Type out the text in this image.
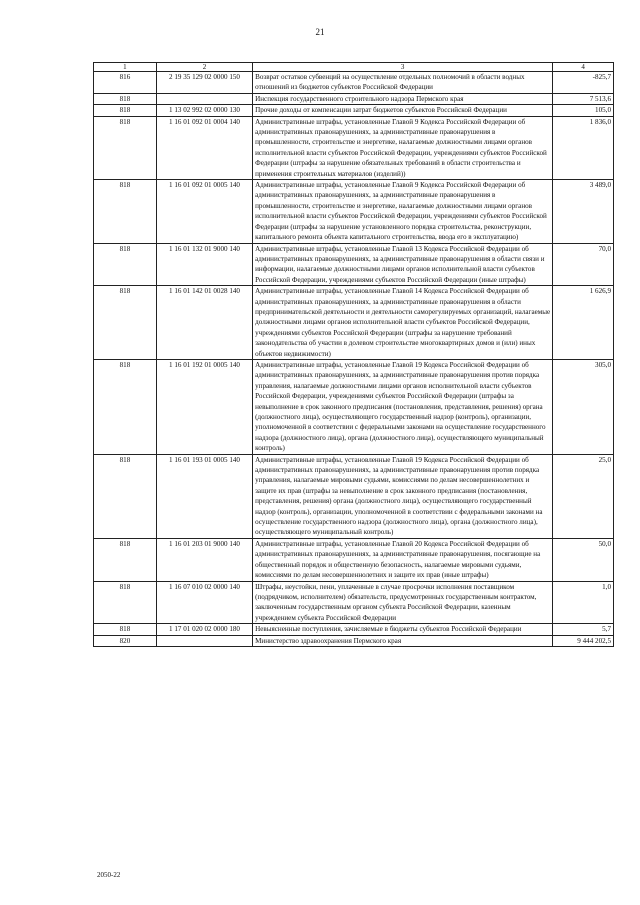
21
1	2	3	4
816	2 19 35 129 02 0000 150	Возврат остатков субвенций на осуществление отдельных полномочий в области водных отношений из бюджетов субъектов Российской Федерации	-825,7
818		Инспекция государственного строительного надзора Пермского края	7 513,6
818	1 13 02 992 02 0000 130	Прочие доходы от компенсации затрат бюджетов субъектов Российской Федерации	105,0
818	1 16 01 092 01 0004 140	Административные штрафы, установленные Главой 9 Кодекса Российской Федерации об административных правонарушениях, за административные правонарушения в промышленности, строительстве и энергетике, налагаемые должностными лицами органов исполнительной власти субъектов Российской Федерации, учреждениями субъектов Российской Федерации (штрафы за нарушение обязательных требований в области строительства и применения строительных материалов (изделий))	1 836,0
818	1 16 01 092 01 0005 140	Административные штрафы, установленные Главой 9 Кодекса Российской Федерации об административных правонарушениях, за административные правонарушения в промышленности, строительстве и энергетике, налагаемые должностными лицами органов исполнительной власти субъектов Российской Федерации, учреждениями субъектов Российской Федерации (штрафы за нарушение установленного порядка строительства, реконструкции, капитального ремонта объекта капитального строительства, ввода его в эксплуатацию)	3 489,0
818	1 16 01 132 01 9000 140	Административные штрафы, установленные Главой 13 Кодекса Российской Федерации об административных правонарушениях, за административные правонарушения в области связи и информации, налагаемые должностными лицами органов исполнительной власти субъектов Российской Федерации, учреждениями субъектов Российской Федерации (иные штрафы)	70,0
818	1 16 01 142 01 0028 140	Административные штрафы, установленные Главой 14 Кодекса Российской Федерации об административных правонарушениях, за административные правонарушения в области предпринимательской деятельности и деятельности саморегулируемых организаций, налагаемые должностными лицами органов исполнительной власти субъектов Российской Федерации, учреждениями субъектов Российской Федерации (штрафы за нарушение требований законодательства об участии в долевом строительстве многоквартирных домов и (или) иных объектов недвижимости)	1 626,9
818	1 16 01 192 01 0005 140	Административные штрафы, установленные Главой 19 Кодекса Российской Федерации об административных правонарушениях, за административные правонарушения против порядка управления, налагаемые должностными лицами органов исполнительной власти субъектов Российской Федерации, учреждениями субъектов Российской Федерации (штрафы за невыполнение в срок законного предписания (постановления, представления, решения) органа (должностного лица), осуществляющего государственный надзор (контроль), организации, уполномоченной в соответствии с федеральными законами на осуществление государственного надзора (должностного лица), органа (должностного лица), осуществляющего муниципальный контроль)	305,0
818	1 16 01 193 01 0005 140	Административные штрафы, установленные Главой 19 Кодекса Российской Федерации об административных правонарушениях, за административные правонарушения против порядка управления, налагаемые мировыми судьями, комиссиями по делам несовершеннолетних и защите их прав (штрафы за невыполнение в срок законного предписания (постановления, представления, решения) органа (должностного лица), осуществляющего государственный надзор (контроль), организации, уполномоченной в соответствии с федеральными законами на осуществление государственного надзора (должностного лица), органа (должностного лица), осуществляющего муниципальный контроль)	25,0
818	1 16 01 203 01 9000 140	Административные штрафы, установленные Главой 20 Кодекса Российской Федерации об административных правонарушениях, за административные правонарушения, посягающие на общественный порядок и общественную безопасность, налагаемые мировыми судьями, комиссиями по делам несовершеннолетних и защите их прав (иные штрафы)	50,0
818	1 16 07 010 02 0000 140	Штрафы, неустойки, пени, уплаченные в случае просрочки исполнения поставщиком (подрядчиком, исполнителем) обязательств, предусмотренных государственным контрактом, заключенным государственным органом субъекта Российской Федерации, казенным учреждением субъекта Российской Федерации	1,0
818	1 17 01 020 02 0000 180	Невыясненные поступления, зачисляемые в бюджеты субъектов Российской Федерации	5,7
820		Министерство здравоохранения Пермского края	9 444 202,5
2050-22
